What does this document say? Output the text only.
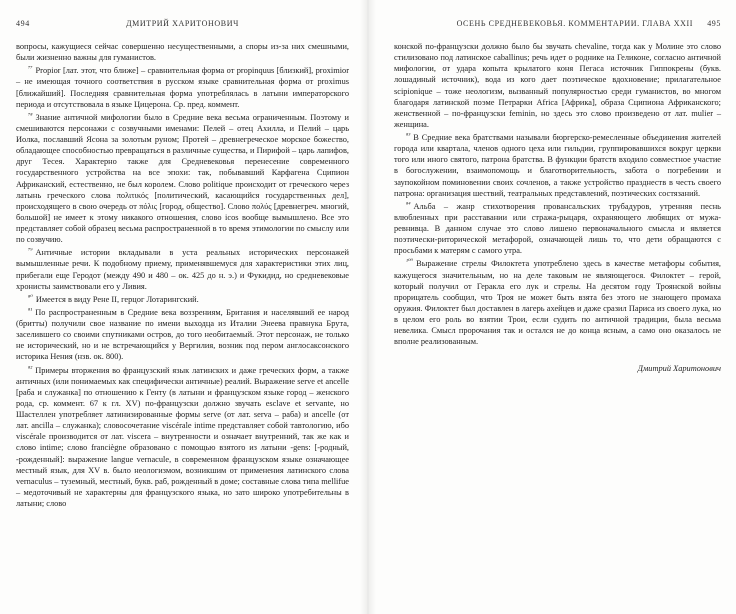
494	ДМИТРИЙ ХАРИТОНОВИЧ

вопросы, кажущиеся сейчас совершенно несущественными, а споры из-за них смешными, были жизненно важны для гуманистов.

$^{^{77}}$ Propior [лат. этот, что ближе] – сравнительная форма от propinquus [близкий], proximior – не имеющая точного соответствия в русском языке сравнительная форма от proximus [ближайший]. Последняя сравнительная форма употреблялась в латыни императорского периода и отсутствовала в языке Цицерона. Ср. пред. коммент.

$^{^{78}}$ Знание античной мифологии было в Средние века весьма ограниченным. Поэтому и смешиваются персонажи с созвучными именами: Пелей – отец Ахилла, и Пелий – царь Иолка, пославший Ясона за золотым руном; Протей – древнегреческое морское божество, обладающее способностью превращаться в различные существа, и Пирифой – царь лапифов, друг Тесея. Характерно также для Средневековья перенесение современного государственного устройства на все эпохи: так, побывавший Карфагена Сципион Африканский, естественно, не был королем. Слово politique происходит от греческого через латынь греческого слова πολιτικός [политический, касающийся государственных дел], происходящего в свою очередь от πόλις [город, общество]. Слово πολύς [древнегреч. многий, большой] не имеет к этому никакого отношения, слово icos вообще вымышлено. Все это представляет собой образец весьма распространенной в то время этимологии по смыслу или по созвучию.

$^{^{79}}$ Античные истории вкладывали в уста реальных исторических персонажей вымышленные речи. К подобному приему, применявшемуся для характеристики этих лиц, прибегали еще Геродот (между 490 и 480 – ок. 425 до н. э.) и Фукидид, но средневековые хронисты заимствовали его у Ливия.

$^{^{80}}$ Имеется в виду Рене II, герцог Лотарингский.

$^{^{81}}$ По распространенным в Средние века воззрениям, Британия и населявший ее народ (бритты) получили свое название по имени выходца из Италии Энеева правнука Брута, заселившего со своими спутниками остров, до того необитаемый. Этот персонаж, не только не исторический, но и не встречающийся у Вергилия, возник под пером англосаксонского историка Нения (нзв. ок. 800).

$^{^{82}}$ Примеры вторжения во французский язык латинских и даже греческих форм, а также античных (или понимаемых как специфически античные) реалий. Выражение serve et ancelle [раба и служанка] по отношению к Генту (в латыни и французском языке город – женского рода, ср. коммент. 67 к гл. XV) по-французски должно звучать esclave et servante, но Шастеллен употребляет латинизированные формы serve (от лат. serva – раба) и ancelle (от лат. ancilla – служанка); словосочетание viscérale intime представляет собой тавтологию, ибо viscérale производится от лат. viscera – внутренности и означает внутренний, так же как и слово intime; слово franciègne образовано с помощью взятого из латыни -gens: [-родный, -рожденный]: выражение langue vernacule, в современном французском языке означающее местный язык, для XV в. было неологизмом, возникшим от применения латинского слова vernaculus – туземный, местный, букв. раб, рожденный в доме; составные слова типа mellifue – медоточивый не характерны для французского языка, но зато широко употребительны в латыни; слово

ОСЕНЬ СРЕДНЕВЕКОВЬЯ. КОММЕНТАРИИ. ГЛАВА XXII 495

конской по-французски должно было бы звучать chevaline, тогда как у Молине это слово стилизовано под латинское caballinus; речь идет о роднике на Геликоне, согласно античной мифологии, от удара копыта крылатого коня Пегаса источник Гиппокрены (букв. лошадиный источник), вода из кого дает поэтическое вдохновение; прилагательное scipionique – тоже неологизм, вызванный популярностью среди гуманистов, во многом благодаря латинской поэме Петрарки Africa [Африка], образа Сципиона Африканского; женственной – по-французски feminin, но здесь это слово произведено от лат. mulier – женщина.

$^{^{83}}$ В Средние века братствами называли бюргерско-ремесленные объединения жителей города или квартала, членов одного цеха или гильдии, группировавшихся вокруг церкви того или иного святого, патрона братства. В функции братств входило совместное участие в богослужении, взаимопомощь и благотворительность, забота о погребении и заупокойном поминовении своих сочленов, а также устройство празднеств в честь своего патрона: организация шествий, театральных представлений, поэтических состязаний.

$^{^{84}}$ Альба – жанр стихотворения провансальских трубадуров, утренняя песнь влюбленных при расставании или стража-рыцаря, охраняющего любящих от мужа-ревнивца. В данном случае это слово лишено первоначального смысла и является поэтически-риторической метафорой, означающей лишь то, что дети обращаются с просьбами к матерям с самого утра.

$^{^{100}}$ Выражение стрелы Филоктета употреблено здесь в качестве метафоры события, кажущегося значительным, но на деле таковым не являющегося. Филоктет – герой, который получил от Геракла его лук и стрелы. На десятом году Троянской войны прорицатель сообщил, что Троя не может быть взята без этого не знающего промаха оружия. Филоктет был доставлен в лагерь ахейцев и даже сразил Париса из своего лука, но в целом его роль во взятии Трои, если судить по античной традиции, была весьма невелика. Смысл пророчания так и остался не до конца ясным, а само оно оказалось не вполне реализованным.

Дмитрий Харитонович
